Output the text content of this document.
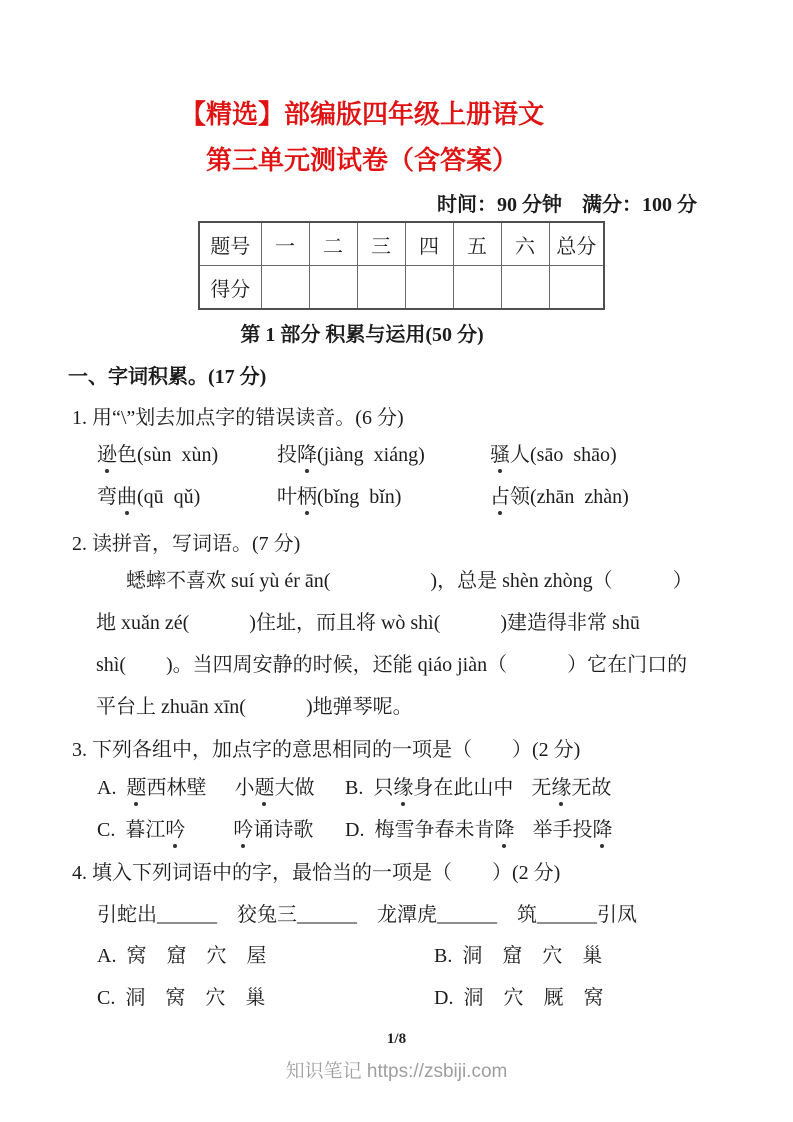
【精选】部编版四年级上册语文
第三单元测试卷（含答案）
时间：90 分钟　满分：100 分
题号	一	二	三	四	五	六	总分
得分							
第 1 部分 积累与运用(50 分)
一、字词积累。(17 分)
1. 用“\”划去加点字的错误读音。(6 分)
逊色(sùn  xùn)	投降(jiàng  xiáng)	骚人(sāo  shāo)
弯曲(qū  qǔ)	叶柄(bǐng  bǐn)	占领(zhān  zhàn)
2. 读拼音，写词语。(7 分)
蟋蟀不喜欢 suí yù ér ān(　　　　　)，总是 shèn zhòng（　　　）
地 xuǎn zé(　　　)住址，而且将 wò shì(　　　)建造得非常 shū
shì(　　)。当四周安静的时候，还能 qiáo jiàn（　　　）它在门口的
平台上 zhuān xīn(　　　)地弹琴呢。
3. 下列各组中，加点字的意思相同的一项是（　　）(2 分)
A. 题西林壁 小题大做	B. 只缘身在此山中 无缘无故
C. 暮江吟 吟诵诗歌	D. 梅雪争春未肯降 举手投降
4. 填入下列词语中的字，最恰当的一项是（　　）(2 分)
引蛇出______　狡兔三______　龙潭虎______　筑______引凤
A. 窝　窟　穴　屋	B. 洞　窟　穴　巢
C. 洞　窝　穴　巢	D. 洞　穴　厩　窝
1/8
知识笔记 https://zsbiji.com
